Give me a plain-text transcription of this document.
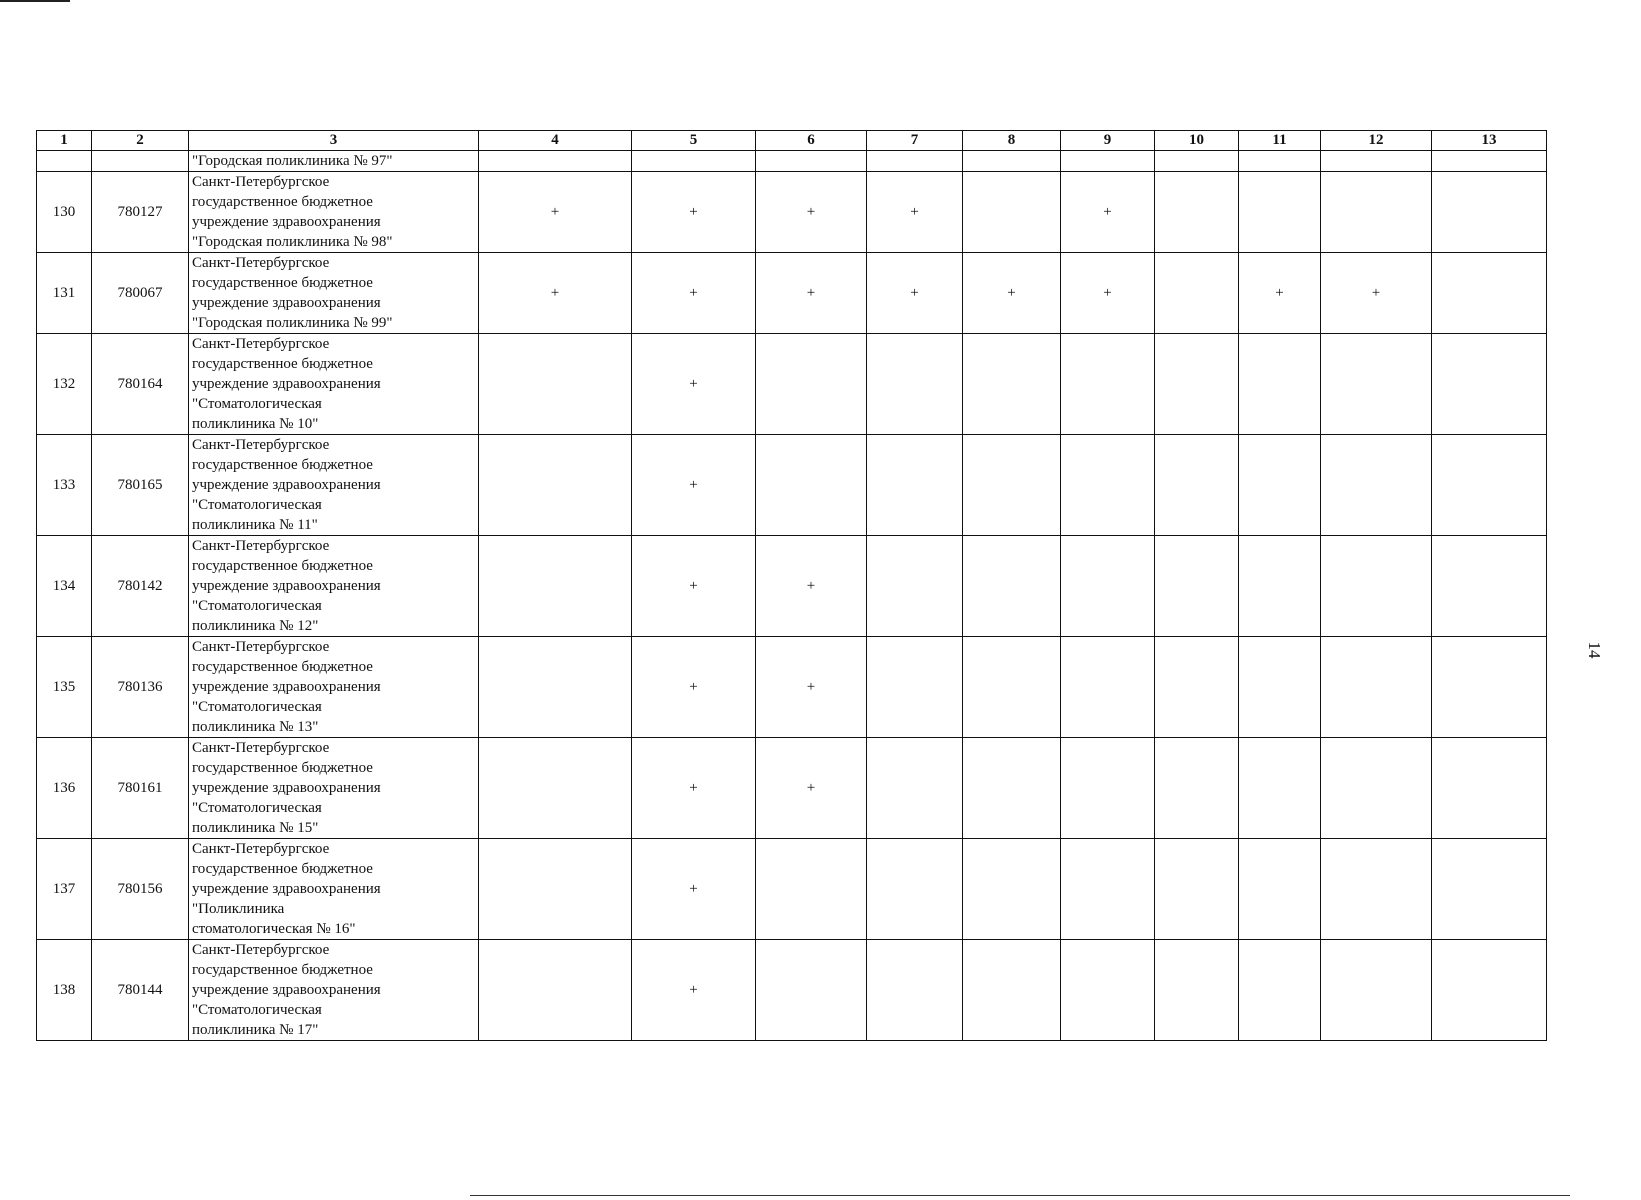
1	2	3	4	5	6	7	8	9	10	11	12	13
		"Городская поликлиника № 97"										
130	780127	Санкт-Петербургское
государственное бюджетное
учреждение здравоохранения
"Городская поликлиника № 98"	+	+	+	+		+				
131	780067	Санкт-Петербургское
государственное бюджетное
учреждение здравоохранения
"Городская поликлиника № 99"	+	+	+	+	+	+		+	+	
132	780164	Санкт-Петербургское
государственное бюджетное
учреждение здравоохранения
"Стоматологическая
поликлиника № 10"		+								
133	780165	Санкт-Петербургское
государственное бюджетное
учреждение здравоохранения
"Стоматологическая
поликлиника № 11"		+								
134	780142	Санкт-Петербургское
государственное бюджетное
учреждение здравоохранения
"Стоматологическая
поликлиника № 12"		+	+							
135	780136	Санкт-Петербургское
государственное бюджетное
учреждение здравоохранения
"Стоматологическая
поликлиника № 13"		+	+							
136	780161	Санкт-Петербургское
государственное бюджетное
учреждение здравоохранения
"Стоматологическая
поликлиника № 15"		+	+							
137	780156	Санкт-Петербургское
государственное бюджетное
учреждение здравоохранения
"Поликлиника
стоматологическая № 16"		+								
138	780144	Санкт-Петербургское
государственное бюджетное
учреждение здравоохранения
"Стоматологическая
поликлиника № 17"		+								
14
